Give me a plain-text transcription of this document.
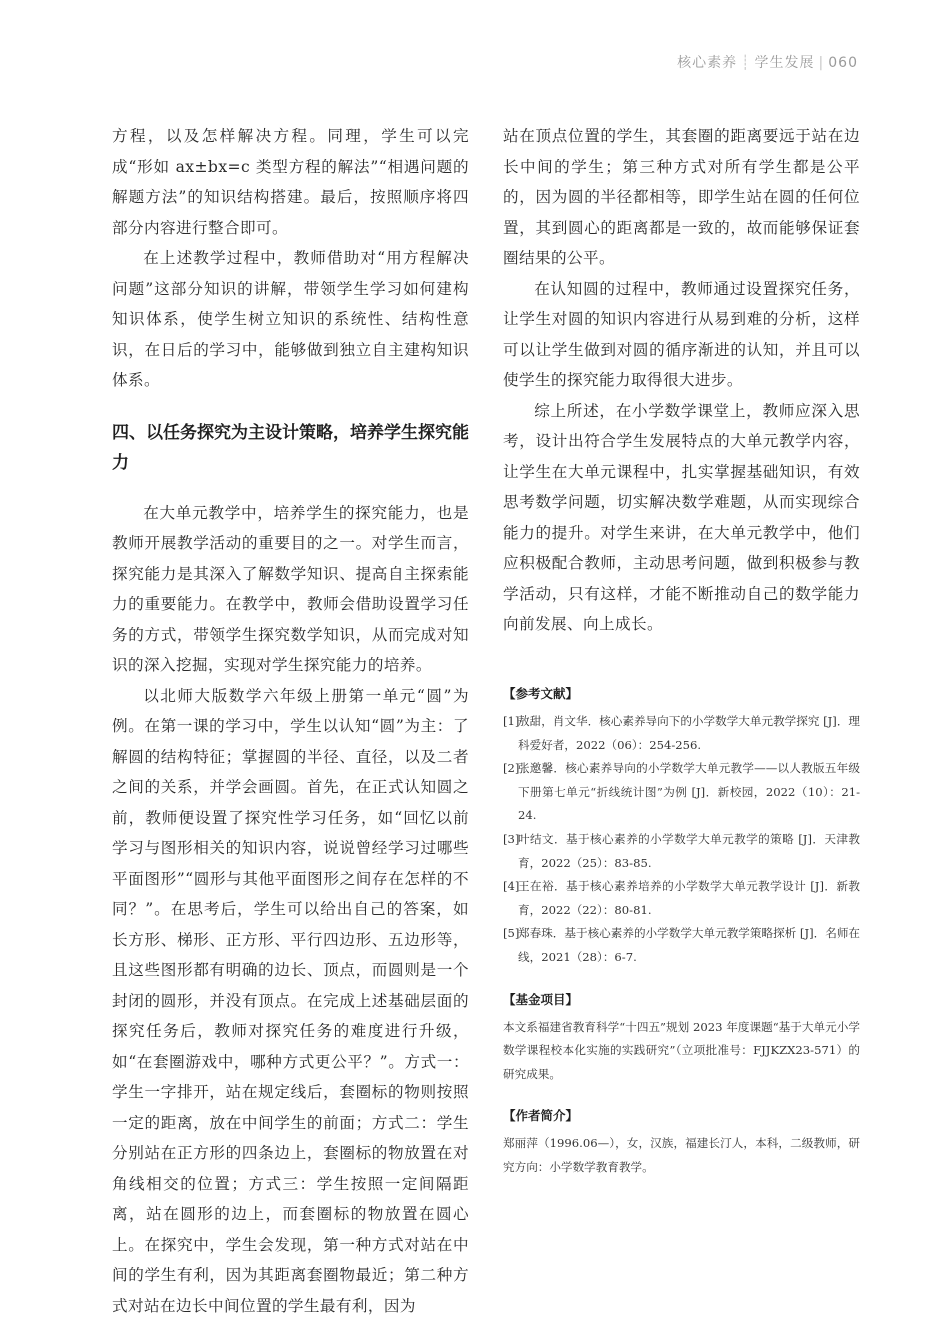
核心素养 ┊ 学生发展 | 060

方程，以及怎样解决方程。同理，学生可以完成“形如 ax±bx=c 类型方程的解法”“相遇问题的解题方法”的知识结构搭建。最后，按照顺序将四部分内容进行整合即可。

在上述教学过程中，教师借助对“用方程解决问题”这部分知识的讲解，带领学生学习如何建构知识体系，使学生树立知识的系统性、结构性意识，在日后的学习中，能够做到独立自主建构知识体系。

四、以任务探究为主设计策略，培养学生探究能力

在大单元教学中，培养学生的探究能力，也是教师开展教学活动的重要目的之一。对学生而言，探究能力是其深入了解数学知识、提高自主探索能力的重要能力。在教学中，教师会借助设置学习任务的方式，带领学生探究数学知识，从而完成对知识的深入挖掘，实现对学生探究能力的培养。

以北师大版数学六年级上册第一单元“圆”为例。在第一课的学习中，学生以认知“圆”为主：了解圆的结构特征；掌握圆的半径、直径，以及二者之间的关系，并学会画圆。首先，在正式认知圆之前，教师便设置了探究性学习任务，如“回忆以前学习与图形相关的知识内容，说说曾经学习过哪些平面图形”“圆形与其他平面图形之间存在怎样的不同？”。在思考后，学生可以给出自己的答案，如长方形、梯形、正方形、平行四边形、五边形等，且这些图形都有明确的边长、顶点，而圆则是一个封闭的圆形，并没有顶点。在完成上述基础层面的探究任务后，教师对探究任务的难度进行升级，如“在套圈游戏中，哪种方式更公平？”。方式一：学生一字排开，站在规定线后，套圈标的物则按照一定的距离，放在中间学生的前面；方式二：学生分别站在正方形的四条边上，套圈标的物放置在对角线相交的位置；方式三：学生按照一定间隔距离，站在圆形的边上，而套圈标的物放置在圆心上。在探究中，学生会发现，第一种方式对站在中间的学生有利，因为其距离套圈物最近；第二种方式对站在边长中间位置的学生最有利，因为

站在顶点位置的学生，其套圈的距离要远于站在边长中间的学生；第三种方式对所有学生都是公平的，因为圆的半径都相等，即学生站在圆的任何位置，其到圆心的距离都是一致的，故而能够保证套圈结果的公平。

在认知圆的过程中，教师通过设置探究任务，让学生对圆的知识内容进行从易到难的分析，这样可以让学生做到对圆的循序渐进的认知，并且可以使学生的探究能力取得很大进步。

综上所述，在小学数学课堂上，教师应深入思考，设计出符合学生发展特点的大单元教学内容，让学生在大单元课程中，扎实掌握基础知识，有效思考数学问题，切实解决数学难题，从而实现综合能力的提升。对学生来讲，在大单元教学中，他们应积极配合教师，主动思考问题，做到积极参与教学活动，只有这样，才能不断推动自己的数学能力向前发展、向上成长。

【参考文献】

[1]
敖甜，肖文华．核心素养导向下的小学数学大单元教学探究 [J]．理科爱好者，2022（06）：254-256.

[2]
张邀馨．核心素养导向的小学数学大单元教学——以人教版五年级下册第七单元“折线统计图”为例 [J]．新校园，2022（10）：21-24.

[3]
叶结文．基于核心素养的小学数学大单元教学的策略 [J]．天津教育，2022（25）：83-85.

[4]
王在裕．基于核心素养培养的小学数学大单元教学设计 [J]．新教育，2022（22）：80-81.

[5]
郑春珠．基于核心素养的小学数学大单元教学策略探析 [J]．名师在线，2021（28）：6-7.

【基金项目】

本文系福建省教育科学“十四五”规划 2023 年度课题“基于大单元小学数学课程校本化实施的实践研究”（立项批准号：FJJKZX23-571）的研究成果。

【作者简介】

郑丽萍（1996.06—），女，汉族，福建长汀人，本科，二级教师，研究方向：小学数学教育教学。
